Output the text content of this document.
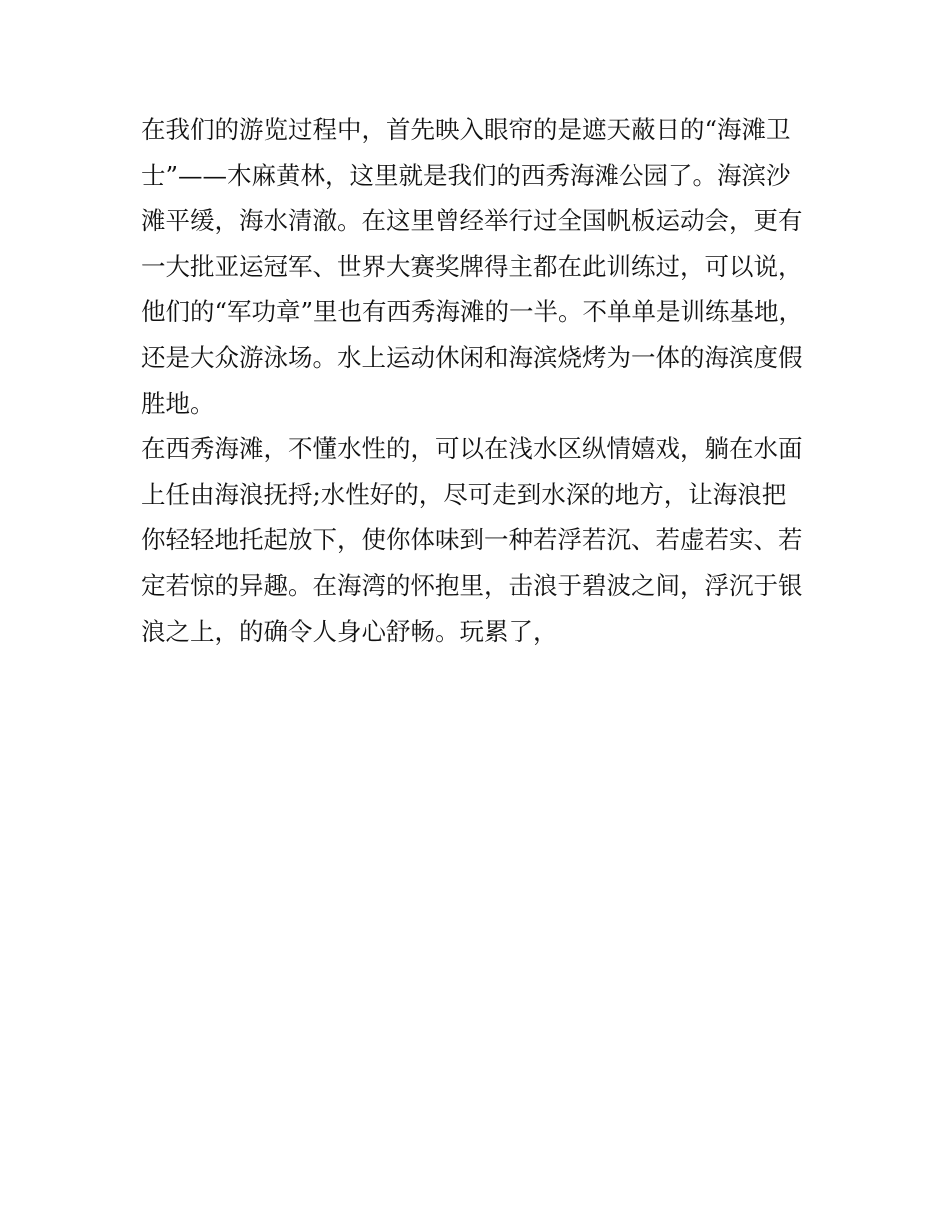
在我们的游览过程中，首先映入眼帘的是遮天蔽日的“海滩卫
士”——木麻黄林，这里就是我们的西秀海滩公园了。海滨沙
滩平缓，海水清澈。在这里曾经举行过全国帆板运动会，更有
一大批亚运冠军、世界大赛奖牌得主都在此训练过，可以说，
他们的“军功章”里也有西秀海滩的一半。不单单是训练基地，
还是大众游泳场。水上运动休闲和海滨烧烤为一体的海滨度假
胜地。
在西秀海滩，不懂水性的，可以在浅水区纵情嬉戏，躺在水面
上任由海浪抚捋;水性好的，尽可走到水深的地方，让海浪把
你轻轻地托起放下，使你体味到一种若浮若沉、若虚若实、若
定若惊的异趣。在海湾的怀抱里，击浪于碧波之间，浮沉于银
浪之上，的确令人身心舒畅。玩累了，
